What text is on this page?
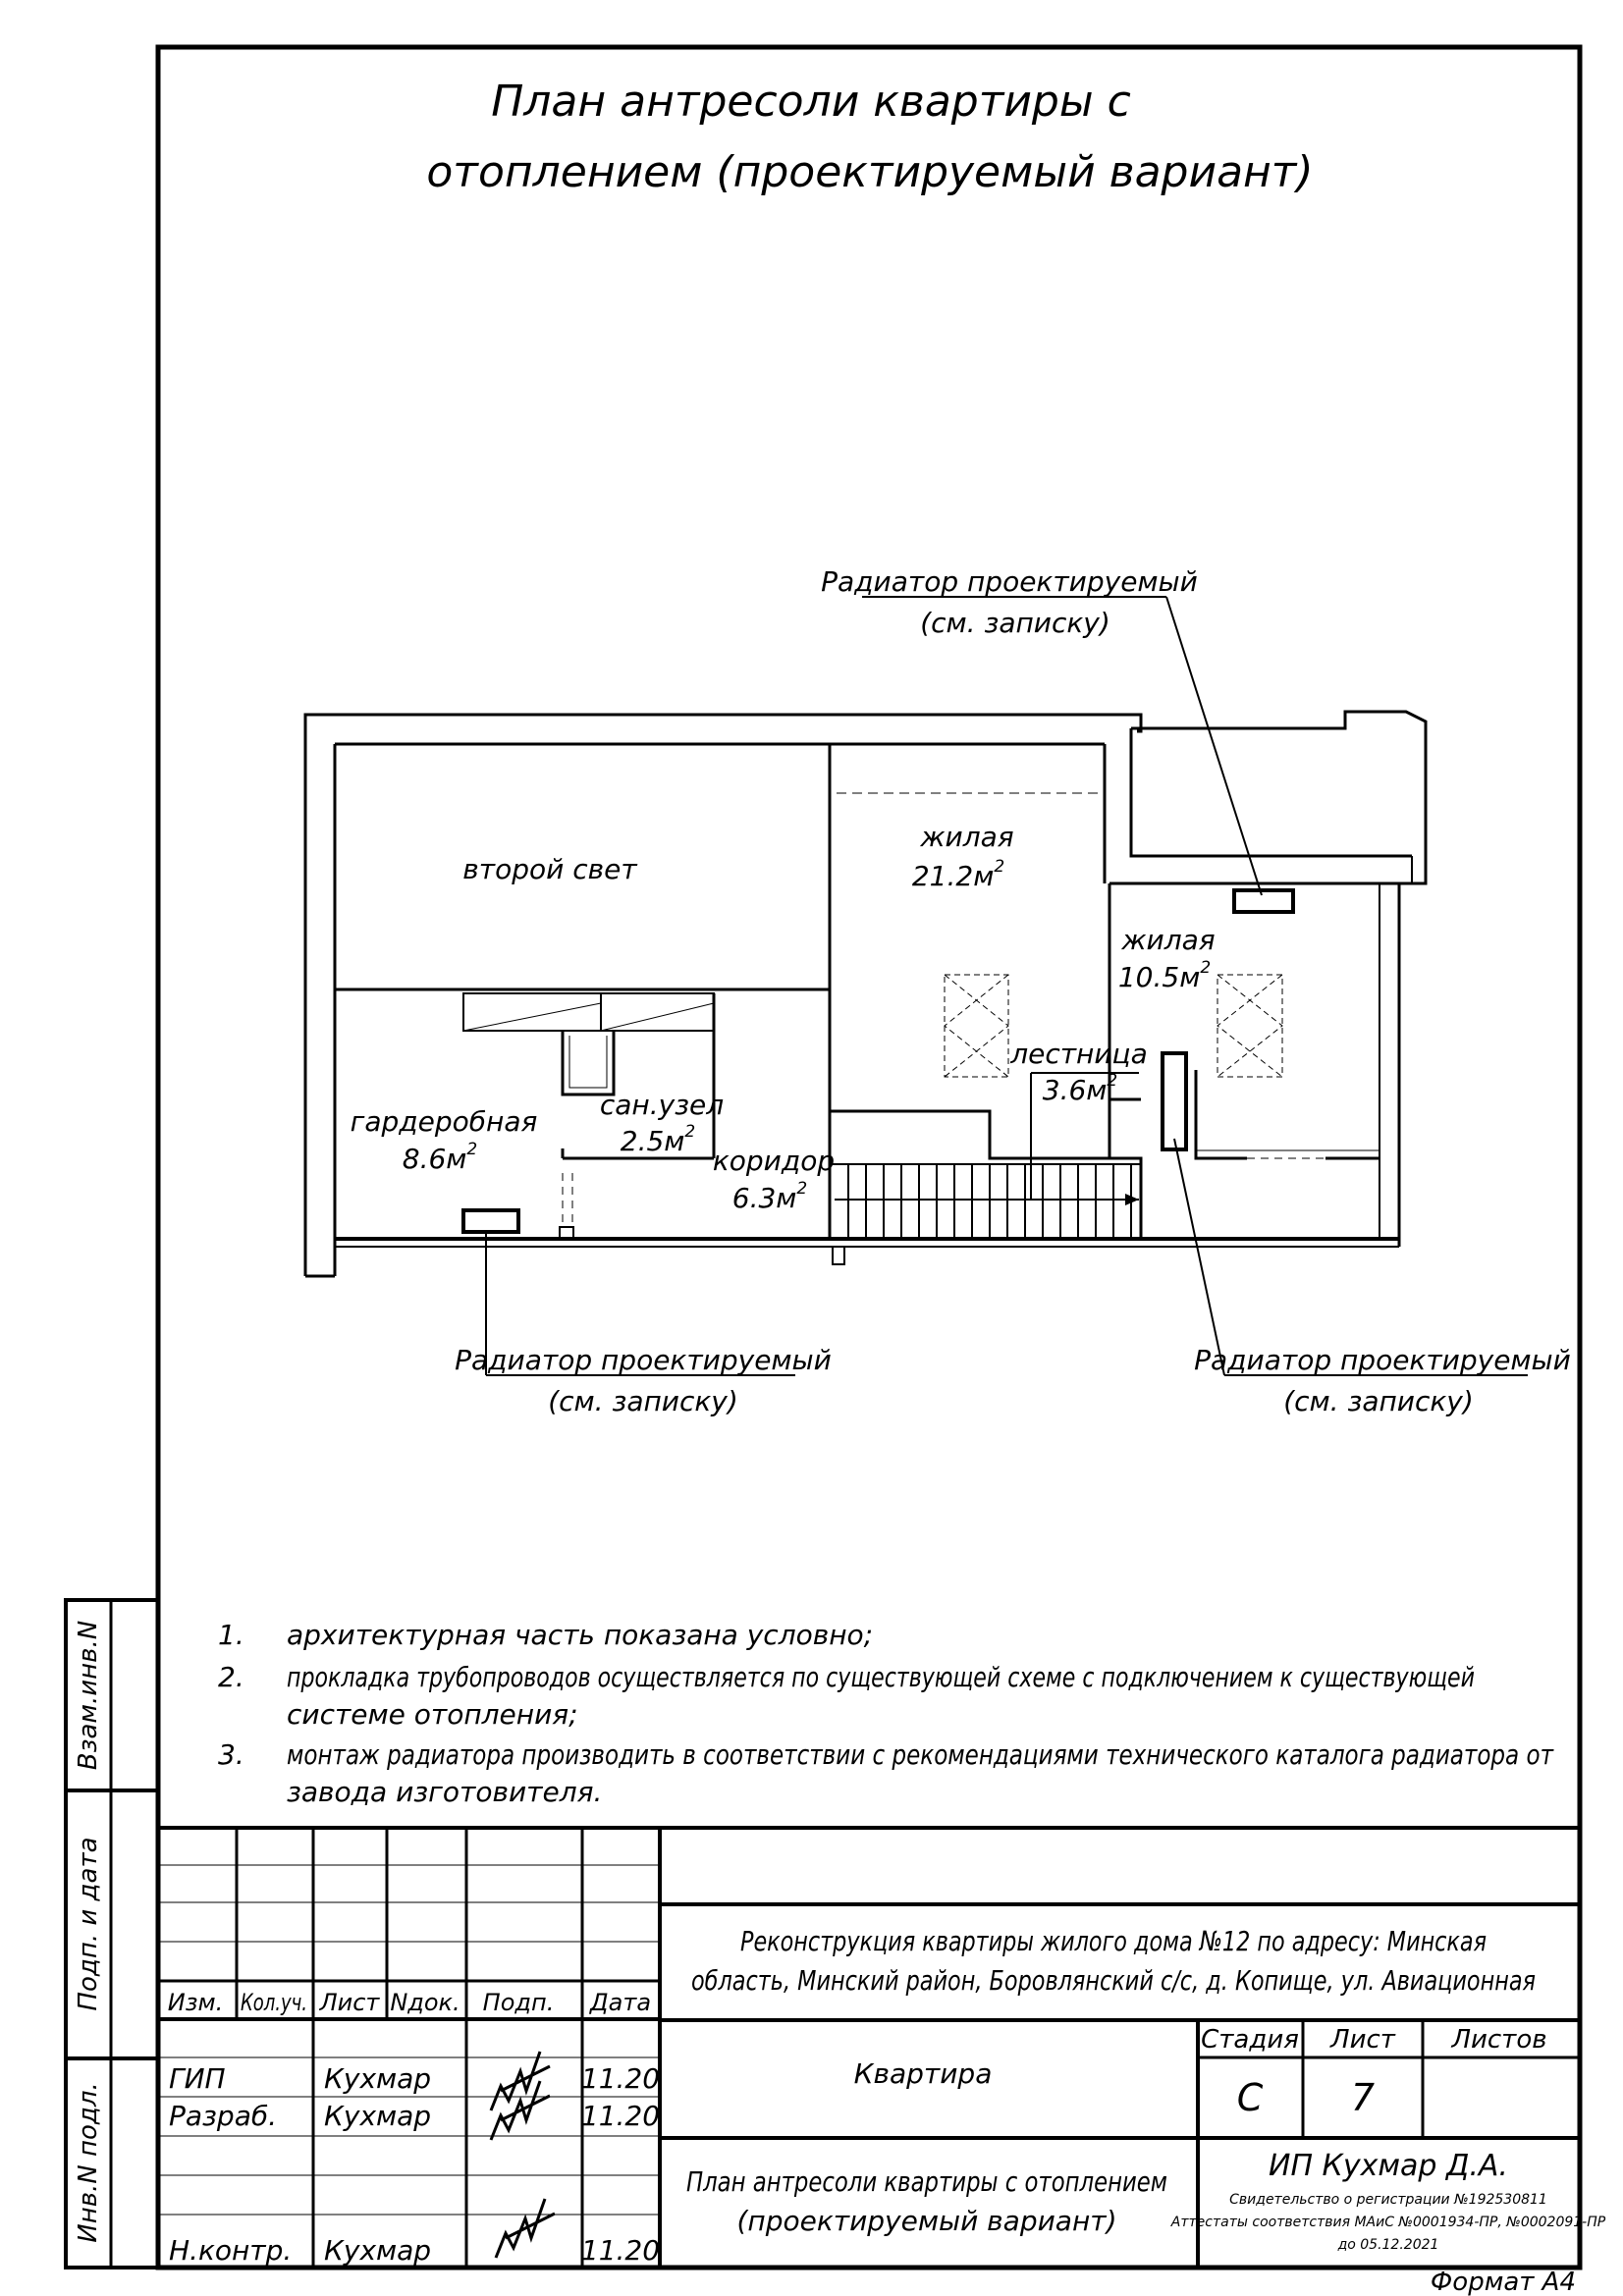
План антресоли квартиры с
отоплением (проектируемый вариант)
второй свет
жилая
$21.2м^2$
жилая
$10.5м^2$
лестница
$3.6м^2$
гардеробная
$8.6м^2$
сан.узел
$2.5м^2$
коридор
$6.3м^2$
Радиатор проектируемый
(см. записку)
Радиатор проектируемый
(см. записку)
Радиатор проектируемый
(см. записку)
1. архитектурная часть показана условно;
2. прокладка трубопроводов осуществляется по существующей схеме с подключением к существующей
системе отопления;
3. монтаж радиатора производить в соответствии с рекомендациями технического каталога радиатора от
завода изготовителя.
Взам.инв.N
Подп. и дата
Инв.N подл.
Изм. Кол.уч. Лист Nдок. Подп. Дата
ГИП	Кухмар	11.20
Разраб. Кухмар	11.20
Н.контр. Кухмар	11.20
Реконструкция квартиры жилого дома №12 по адресу: Минская
область, Минский район, Боровлянский с/с, д. Копище, ул. Авиационная
Квартира
План антресоли квартиры с отоплением
(проектируемый вариант)
Стадия Лист Листов
С 7
ИП Кухмар Д.А.
Свидетельство о регистрации №192530811
Аттестаты соответствия МАиС №0001934-ПР, №0002091-ПР
до 05.12.2021
Формат А4
